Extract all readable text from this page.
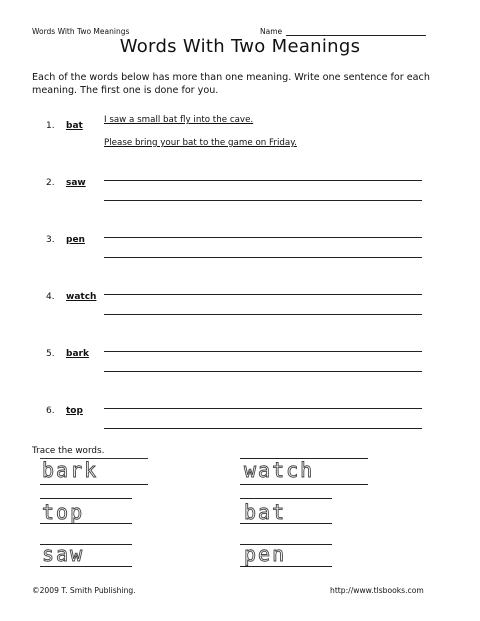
Words With Two Meanings	Name
Words With Two Meanings
Each of the words below has more than one meaning. Write one sentence for each meaning. The first one is done for you.
1. bat
I saw a small bat fly into the cave.
Please bring your bat to the game on Friday.
2. saw
3. pen
4. watch
5. bark
6. top
Trace the words.
bark	watch
top	bat
saw	pen
©2009 T. Smith Publishing.	http://www.tlsbooks.com
